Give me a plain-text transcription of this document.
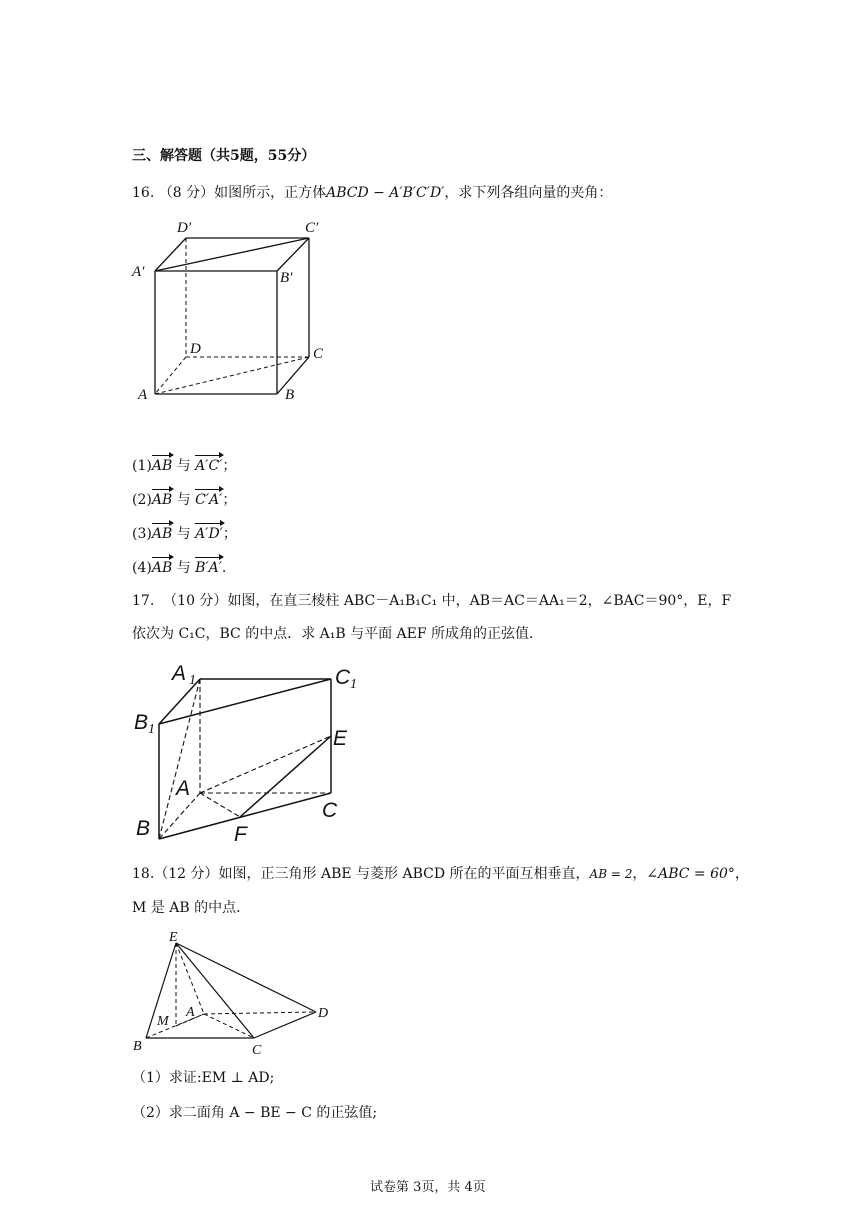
三、解答题（共5题，55分）
16. （8 分）如图所示，正方体ABCD − A′B′C′D′，求下列各组向量的夹角：
D′	C′
A′	B′
D	C
A	B
(1)AB 与 A′C′；
(2)AB 与 C′A′；
(3)AB 与 A′D′；
(4)AB 与 B′A′.
17. （10 分）如图，在直三棱柱 ABC－A₁B₁C₁ 中，AB＝AC＝AA₁＝2，∠BAC＝90°，E，F
依次为 C₁C，BC 的中点．求 A₁B 与平面 AEF 所成角的正弦值．
A 1	C 1
B 1	E
A
C
B	F
18.（12 分）如图，正三角形 ABE 与菱形 ABCD 所在的平面互相垂直，AB = 2，∠ABC = 60°，
M 是 AB 的中点．
E
M
A	D
B	C
（1）求证:EM ⊥ AD;
（2）求二面角 A − BE − C 的正弦值;
试卷第 3页，共 4页
